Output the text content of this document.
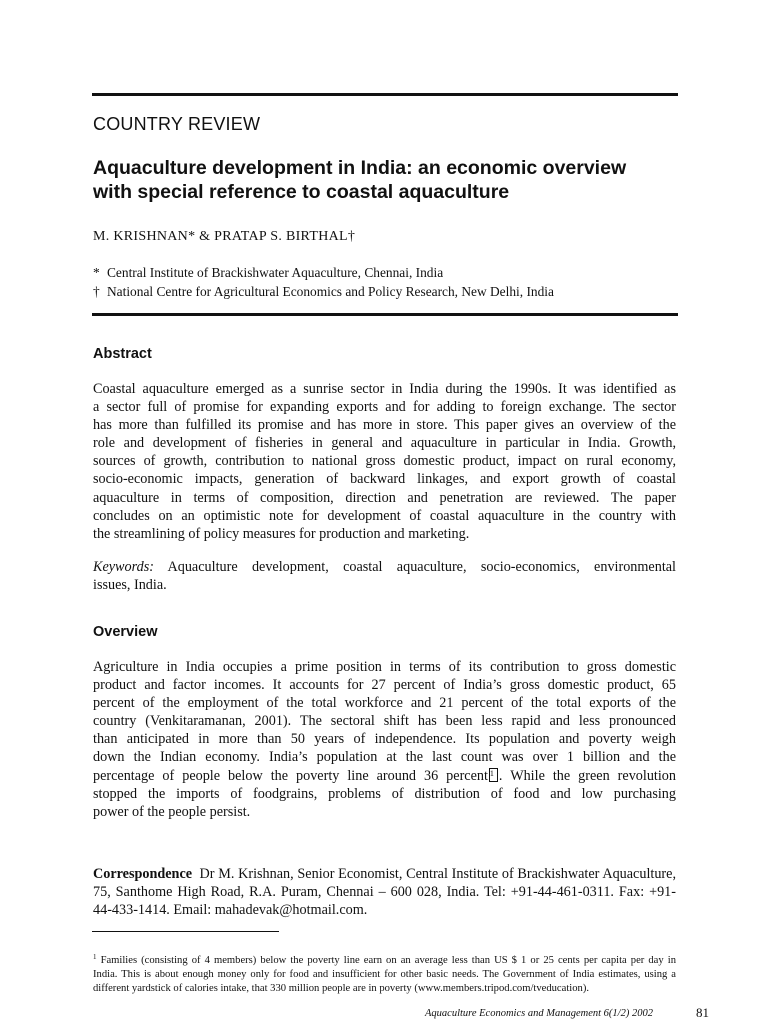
COUNTRY REVIEW
Aquaculture development in India: an economic overview
with special reference to coastal aquaculture
M. KRISHNAN* & PRATAP S. BIRTHAL†
* Central Institute of Brackishwater Aquaculture, Chennai, India
† National Centre for Agricultural Economics and Policy Research, New Delhi, India
Abstract
Coastal aquaculture emerged as a sunrise sector in India during the 1990s. It was identified as
a sector full of promise for expanding exports and for adding to foreign exchange. The sector
has more than fulfilled its promise and has more in store. This paper gives an overview of the
role and development of fisheries in general and aquaculture in particular in India. Growth,
sources of growth, contribution to national gross domestic product, impact on rural economy,
socio-economic impacts, generation of backward linkages, and export growth of coastal
aquaculture in terms of composition, direction and penetration are reviewed. The paper
concludes on an optimistic note for development of coastal aquaculture in the country with
the streamlining of policy measures for production and marketing.
Keywords: Aquaculture development, coastal aquaculture, socio-economics, environmental
issues, India.
Overview
Agriculture in India occupies a prime position in terms of its contribution to gross domestic
product and factor incomes. It accounts for 27 percent of India’s gross domestic product, 65
percent of the employment of the total workforce and 21 percent of the total exports of the
country (Venkitaramanan, 2001). The sectoral shift has been less rapid and less pronounced
than anticipated in more than 50 years of independence. Its population and poverty weigh
down the Indian economy. India’s population at the last count was over 1 billion and the
percentage of people below the poverty line around 36 percent 1 . While the green revolution
stopped the imports of foodgrains, problems of distribution of food and low purchasing
power of the people persist.
Correspondence Dr M. Krishnan, Senior Economist, Central Institute of Brackishwater Aquaculture,
75, Santhome High Road, R.A. Puram, Chennai – 600 028, India. Tel: +91-44-461-0311. Fax: +91-
44-433-1414. Email: mahadevak@hotmail.com.
$^1$ Families (consisting of 4 members) below the poverty line earn on an average less than US $ 1 or 25 cents per capita per day in
India. This is about enough money only for food and insufficient for other basic needs. The Government of India estimates, using a
different yardstick of calories intake, that 330 million people are in poverty (www.members.tripod.com/tveducation).
Aquaculture Economics and Management 6(1/2) 2002	81
